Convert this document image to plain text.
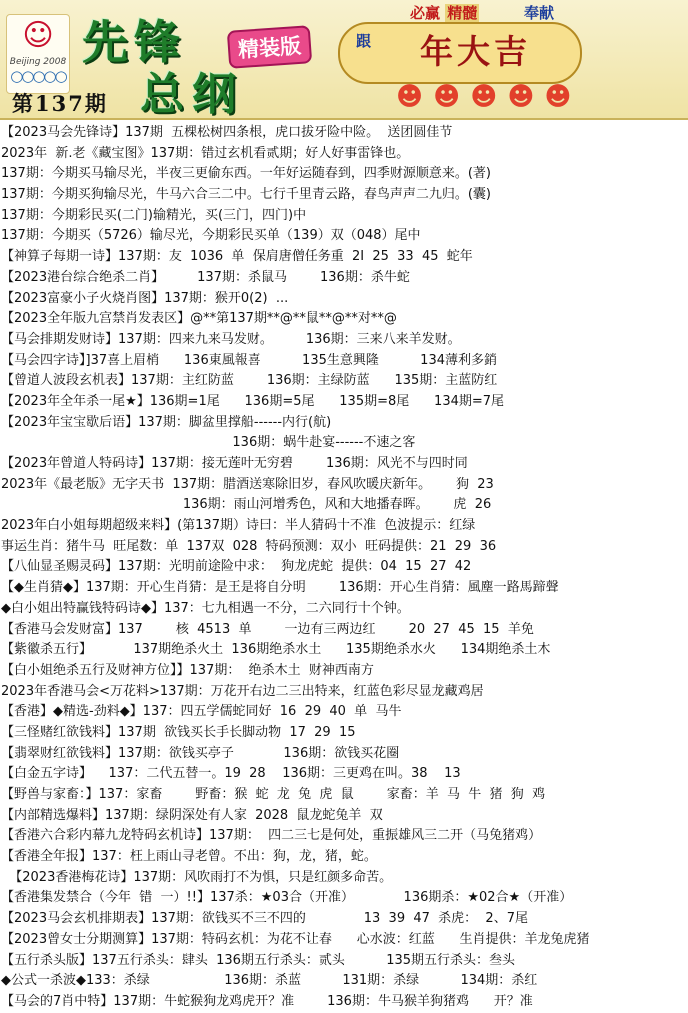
☺
Beijing 2008
○○○○○
第137期
先锋
总纲
精装版
必赢 精髓	奉献
跟 年大吉
☻☻☻☻☻
【2023马会先锋诗】137期  五棵松树四条根，虎口拔牙险中险。  送团圆佳节
2023年  新.老《藏宝图》137期：错过玄机看贰期；好人好事雷锋也。
137期：今期买马输尽光，半夜三更偷东西。一年好运随春到，四季财源顺意来。(著)
137期：今期买狗输尽光，牛马六合三二中。七行千里青云路，春鸟声声二九归。(囊)
137期：今期彩民买(二门)输精光，买(三门，四门)中
137期：今期买（5726）输尽光，今期彩民买单（139）双（048）尾中
【神算子每期一诗】137期：友  1036  单  保肩唐僧任务重  2I  25  33  45  蛇年
【2023港台综合绝杀二肖】        137期：杀鼠马        136期：杀牛蛇
【2023富豪小子火烧肖图】137期：猴开0(2)  ...
【2023全年版九宫禁肖发表区】@**第137期**@**鼠**@**对**@
【马会排期发财诗】137期：四来九来马发财。        136期：三来八来羊发财。
【马会四字诗】]37喜上眉梢      136東風報喜          135生意興隆          134薄利多銷
【曾道人波段玄机表】137期：主红防蓝        136期：主绿防蓝      135期：主蓝防红
【2023年全年杀一尾★】136期=1尾      136期=5尾      135期=8尾      134期=7尾
【2023年宝宝歇后语】137期：脚盆里撑船------内行(航)
136期：蜗牛赴宴------不速之客
【2023年曾道人特码诗】137期：接无莲叶无穷碧        136期：风光不与四时同
2023年《最老版》无字天书  137期：腊酒送寒除旧岁，春风吹暖庆新年。      狗  23
136期：雨山河增秀色，风和大地播春晖。      虎  26
2023年白小姐每期超级来料】(第137期）诗曰：半人猜码十不准  色波提示：红绿
事运生肖：猪牛马  旺尾数：单  137双  028  特码预测：双小  旺码提供：21  29  36
【八仙显圣赐灵码】137期：光明前途险中求：  狗龙虎蛇  提供：04  15  27  42
【◆生肖猜◆】137期：开心生肖猜：是王是将自分明        136期：开心生肖猜：風塵一路馬蹄聲
◆白小姐出特赢钱特码诗◆】137：七九相遇一不分，二六同行十个钟。
【香港马会发财富】137        核  4513  单        一边有三两边红        20  27  45  15  羊免
【紫徽杀五行】          137期绝杀火土  136期绝杀水土      135期绝杀水火      134期绝杀土木
【白小姐绝杀五行及财神方位】】137期：  绝杀木土  财神西南方
2023年香港马会<万花料>137期：万花开右边二三出特来，红蓝色彩尽显龙藏鸡居
【香港】◆精选-劲料◆】137：四五学儒蛇同好  16  29  40  单  马牛
【三怪赌红欲钱料】137期  欲钱买长手长脚动物  17  29  15
【翡翠财红欲钱料】137期：欲钱买亭子            136期：欲钱买花圈
【白金五字诗】    137：二代五替一。19  28    136期：三更鸡在叫。38    13
【野兽与家畜：】137：家畜        野畜：猴  蛇  龙  兔  虎  鼠        家畜：羊  马  牛  猪  狗  鸡
【内部精选爆料】137期：绿阴深处有人家  2028  鼠龙蛇兔羊  双
【香港六合彩内幕九龙特码玄机诗】137期：  四二三七是何处，重振雄风三二开（马兔猪鸡）
【香港全年报】137：枉上雨山寻老曾。不出：狗，龙，猪，蛇。
【2023香港梅花诗】137期：风吹雨打不为惧，只是红颜多命苦。
【香港集发禁合（今年  错  一）!!】137杀：★03合（开准）            136期杀：★02合★（开准）
【2023马会玄机排期表】137期：欲钱买不三不四的              13  39  47  杀虎：  2、7尾
【2023曾女士分期测算】137期：特码玄机：为花不让春      心水波：红蓝      生肖提供：羊龙兔虎猪
【五行杀头版】137五行杀头：肆头  136期五行杀头：贰头          135期五行杀头：叁头
◆公式一杀波◆133：杀绿                  136期：杀蓝          131期：杀绿          134期：杀红
【马会的7肖中特】137期：牛蛇猴狗龙鸡虎开？准        136期：牛马猴羊狗猪鸡      开？准
